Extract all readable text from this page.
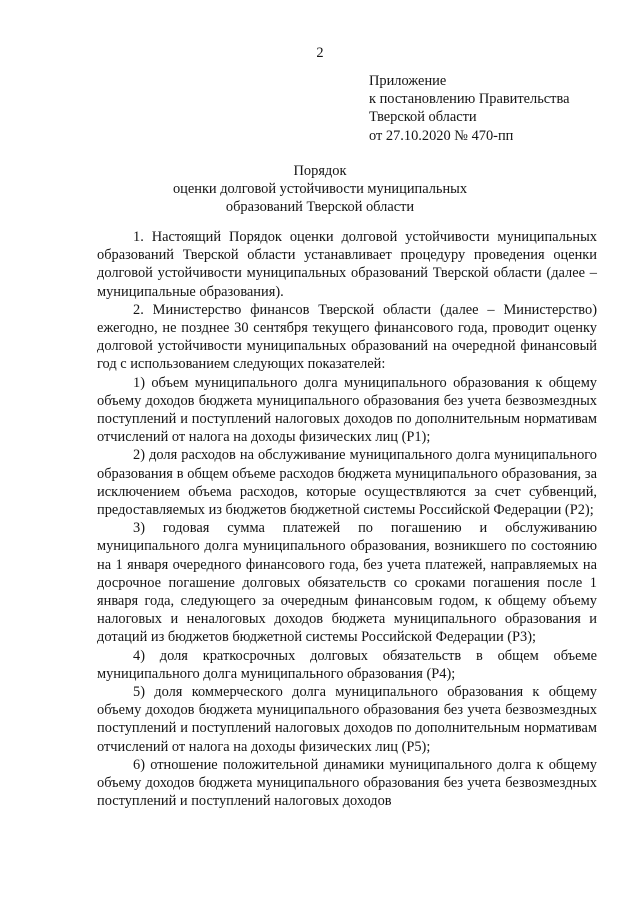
2
Приложение
к постановлению Правительства
Тверской области
от 27.10.2020 № 470-пп
Порядок
оценки долговой устойчивости муниципальных
образований Тверской области

1. Настоящий Порядок оценки долговой устойчивости муниципальных образований Тверской области устанавливает процедуру проведения оценки долговой устойчивости муниципальных образований Тверской области (далее – муниципальные образования).

2. Министерство финансов Тверской области (далее – Министерство) ежегодно, не позднее 30 сентября текущего финансового года, проводит оценку долговой устойчивости муниципальных образований на очередной финансовый год с использованием следующих показателей:

1) объем муниципального долга муниципального образования к общему объему доходов бюджета муниципального образования без учета безвозмездных поступлений и поступлений налоговых доходов по дополнительным нормативам отчислений от налога на доходы физических лиц (Р1);

2) доля расходов на обслуживание муниципального долга муниципального образования в общем объеме расходов бюджета муниципального образования, за исключением объема расходов, которые осуществляются за счет субвенций, предоставляемых из бюджетов бюджетной системы Российской Федерации (Р2);

3) годовая сумма платежей по погашению и обслуживанию муниципального долга муниципального образования, возникшего по состоянию на 1 января очередного финансового года, без учета платежей, направляемых на досрочное погашение долговых обязательств со сроками погашения после 1 января года, следующего за очередным финансовым годом, к общему объему налоговых и неналоговых доходов бюджета муниципального образования и дотаций из бюджетов бюджетной системы Российской Федерации (Р3);

4) доля краткосрочных долговых обязательств в общем объеме муниципального долга муниципального образования (Р4);

5) доля коммерческого долга муниципального образования к общему объему доходов бюджета муниципального образования без учета безвозмездных поступлений и поступлений налоговых доходов по дополнительным нормативам отчислений от налога на доходы физических лиц (Р5);

6) отношение положительной динамики муниципального долга к общему объему доходов бюджета муниципального образования без учета безвозмездных поступлений и поступлений налоговых доходов
